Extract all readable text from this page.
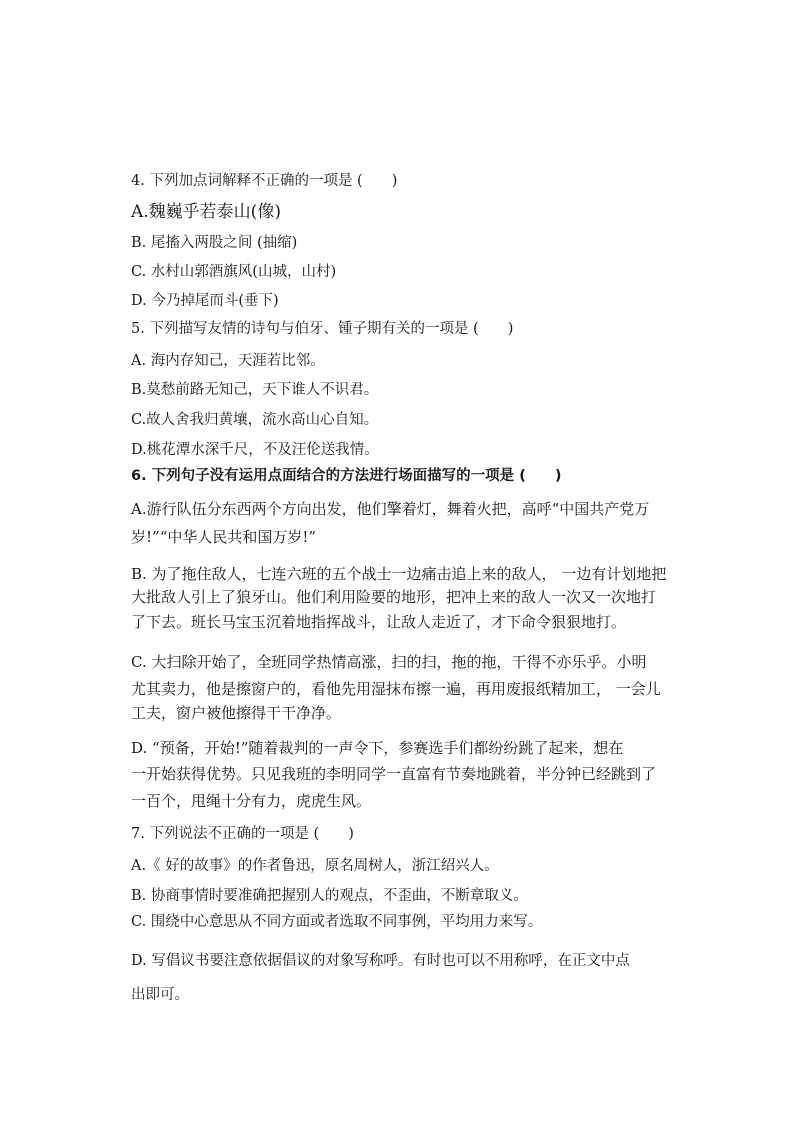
4. 下列加点词解释不正确的一项是 (　　)
A.魏巍乎若泰山(像)
B. 尾搐入两股之间 (抽缩)
C. 水村山郭酒旗风(山城，山村)
D. 今乃掉尾而斗(垂下)
5. 下列描写友情的诗句与伯牙、锺子期有关的一项是 (　　)
A. 海内存知己，天涯若比邻。
B.莫愁前路无知己，天下谁人不识君。
C.故人舍我归黄壤，流水高山心自知。
D.桃花潭水深千尺，不及汪伦送我情。
6. 下列句子没有运用点面结合的方法进行场面描写的一项是 (　　)
A.游行队伍分东西两个方向出发，他们擎着灯，舞着火把，高呼“中国共产党万
岁!”“中华人民共和国万岁!”
B. 为了拖住敌人，七连六班的五个战士一边痛击追上来的敌人， 一边有计划地把
大批敌人引上了狼牙山。他们利用险要的地形，把冲上来的敌人一次又一次地打
了下去。班长马宝玉沉着地指挥战斗，让敌人走近了，才下命令狠狠地打。
C. 大扫除开始了，全班同学热情高涨，扫的扫，拖的拖，干得不亦乐乎。小明
尤其卖力，他是擦窗户的，看他先用湿抹布擦一遍，再用废报纸精加工， 一会儿
工夫，窗户被他擦得干干净净。
D. “预备，开始!”随着裁判的一声令下，参赛选手们都纷纷跳了起来，想在
一开始获得优势。只见我班的李明同学一直富有节奏地跳着，半分钟已经跳到了
一百个，甩绳十分有力，虎虎生风。
7. 下列说法不正确的一项是 (　　)
A.《 好的故事》的作者鲁迅，原名周树人，浙江绍兴人。
B. 协商事情时要准确把握别人的观点，不歪曲，不断章取义。
C. 围绕中心意思从不同方面或者选取不同事例，平均用力来写。
D. 写倡议书要注意依据倡议的对象写称呼。有时也可以不用称呼，在正文中点
出即可。
